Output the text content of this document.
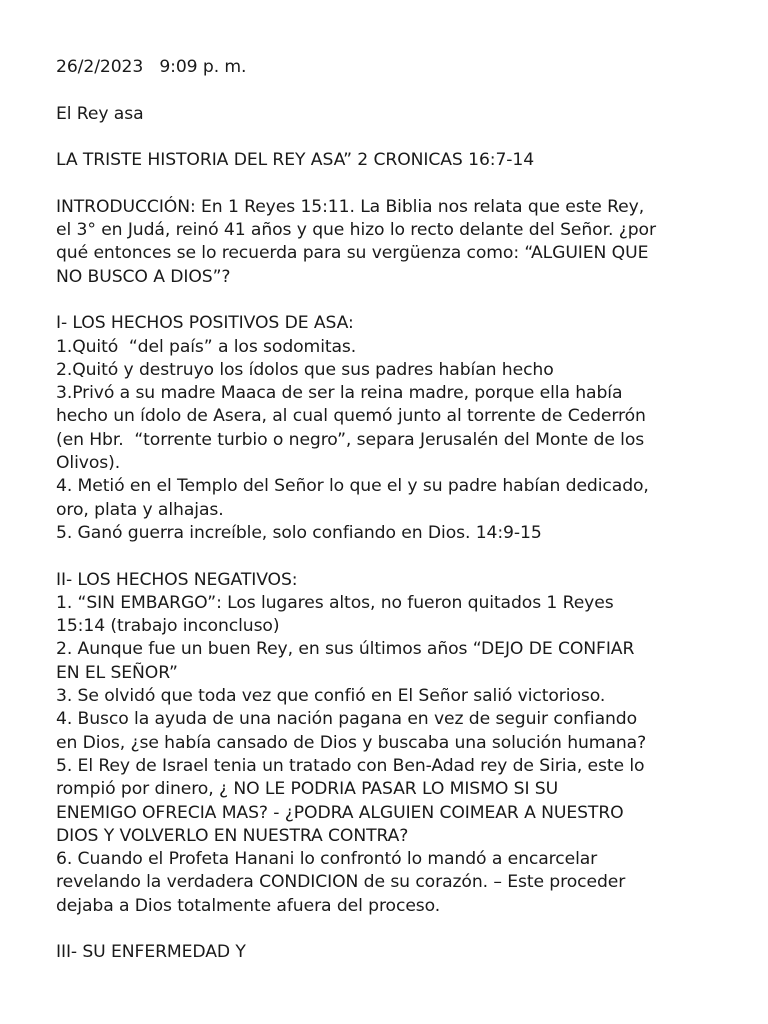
26/2/2023   9:09 p. m.
El Rey asa
LA TRISTE HISTORIA DEL REY ASA” 2 CRONICAS 16:7-14
INTRODUCCIÓN: En 1 Reyes 15:11. La Biblia nos relata que este Rey,
el 3° en Judá, reinó 41 años y que hizo lo recto delante del Señor. ¿por
qué entonces se lo recuerda para su vergüenza como: “ALGUIEN QUE
NO BUSCO A DIOS”?
I- LOS HECHOS POSITIVOS DE ASA:
1.Quitó  “del país” a los sodomitas.
2.Quitó y destruyo los ídolos que sus padres habían hecho
3.Privó a su madre Maaca de ser la reina madre, porque ella había
hecho un ídolo de Asera, al cual quemó junto al torrente de Cederrón
(en Hbr.  “torrente turbio o negro”, separa Jerusalén del Monte de los
Olivos).
4. Metió en el Templo del Señor lo que el y su padre habían dedicado,
oro, plata y alhajas.
5. Ganó guerra increíble, solo confiando en Dios. 14:9-15
II- LOS HECHOS NEGATIVOS:
1. “SIN EMBARGO”: Los lugares altos, no fueron quitados 1 Reyes
15:14 (trabajo inconcluso)
2. Aunque fue un buen Rey, en sus últimos años “DEJO DE CONFIAR
EN EL SEÑOR”
3. Se olvidó que toda vez que confió en El Señor salió victorioso.
4. Busco la ayuda de una nación pagana en vez de seguir confiando
en Dios, ¿se había cansado de Dios y buscaba una solución humana?
5. El Rey de Israel tenia un tratado con Ben-Adad rey de Siria, este lo
rompió por dinero, ¿ NO LE PODRIA PASAR LO MISMO SI SU
ENEMIGO OFRECIA MAS? - ¿PODRA ALGUIEN COIMEAR A NUESTRO
DIOS Y VOLVERLO EN NUESTRA CONTRA?
6. Cuando el Profeta Hanani lo confrontó lo mandó a encarcelar
revelando la verdadera CONDICION de su corazón. – Este proceder
dejaba a Dios totalmente afuera del proceso.
III- SU ENFERMEDAD Y
